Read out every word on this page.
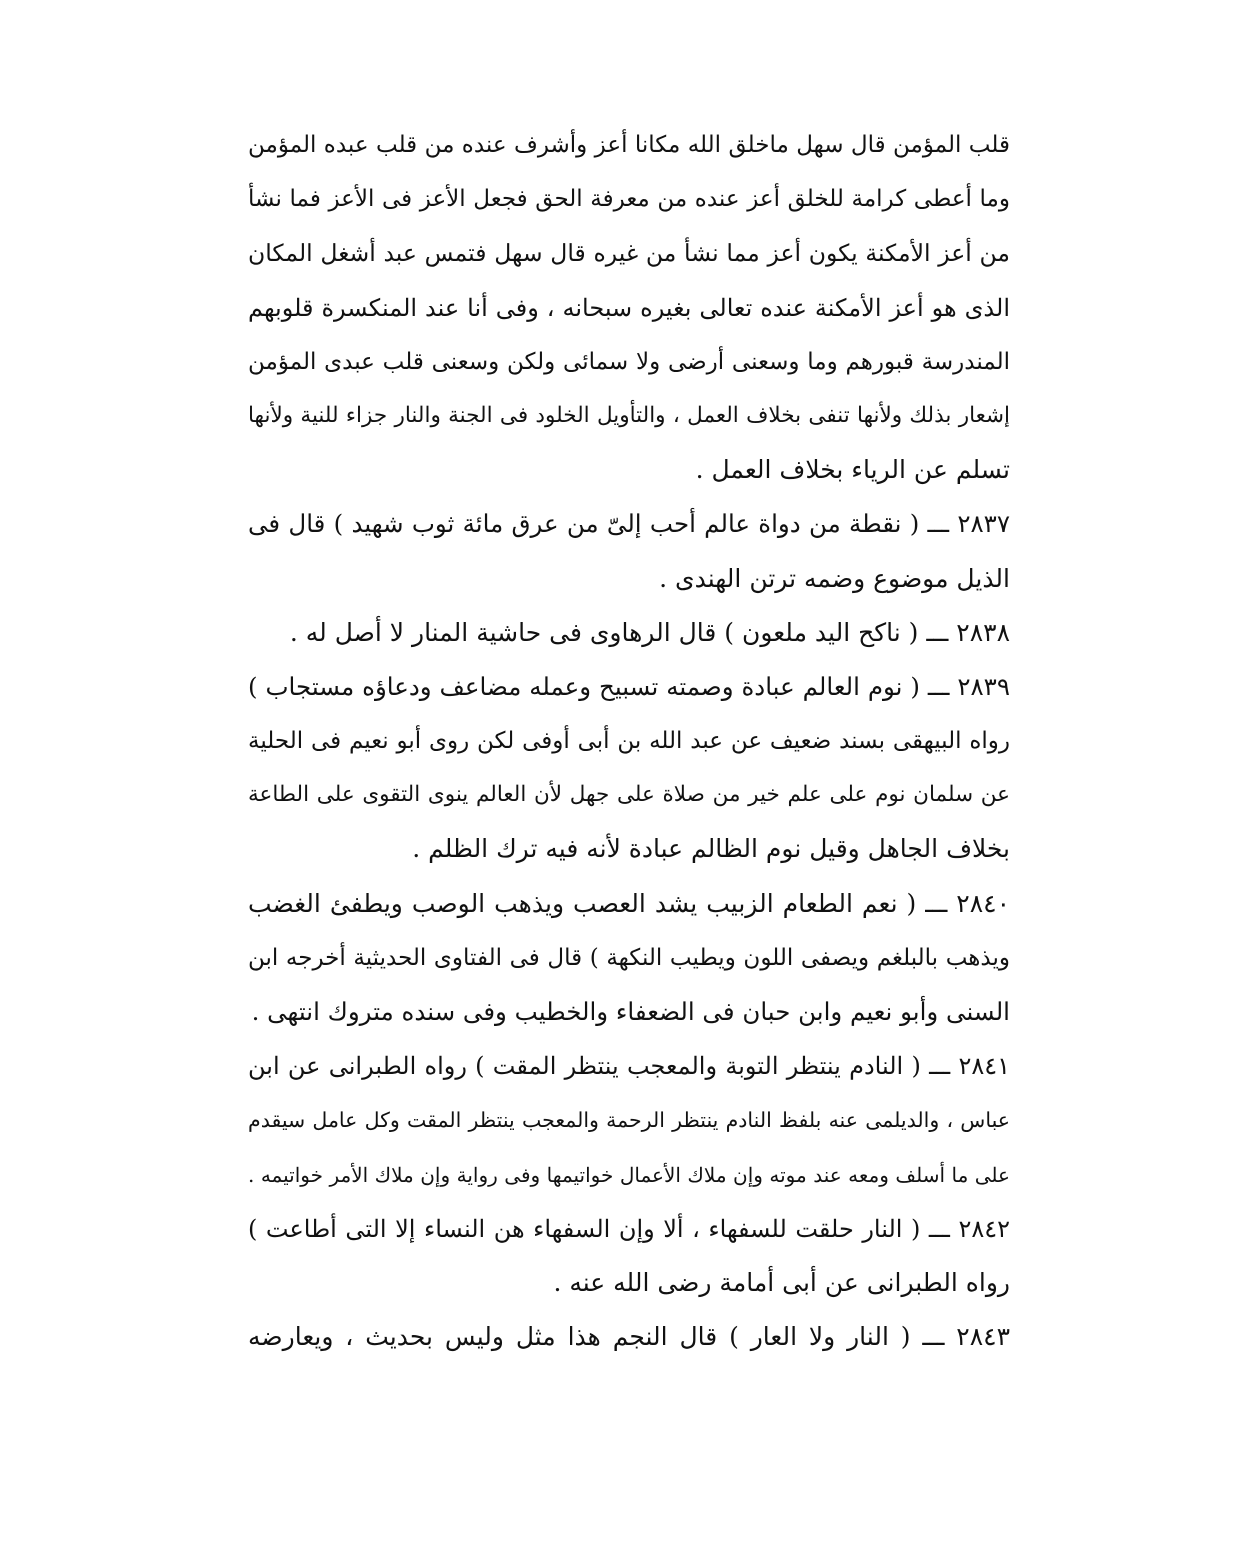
قلب المؤمن قال سهل ماخلق الله مكانا أعز وأشرف عنده من قلب عبده المؤمن
وما أعطى كرامة للخلق أعز عنده من معرفة الحق فجعل الأعز فى الأعز فما نشأ
من أعز الأمكنة يكون أعز مما نشأ من غيره قال سهل فتمس عبد أشغل المكان
الذى هو أعز الأمكنة عنده تعالى بغيره سبحانه ، وفى أنا عند المنكسرة قلوبهم
المندرسة قبورهم وما وسعنى أرضى ولا سمائى ولكن وسعنى قلب عبدى المؤمن
إشعار بذلك ولأنها تنفى بخلاف العمل ، والتأويل الخلود فى الجنة والنار جزاء للنية ولأنها
تسلم عن الرياء بخلاف العمل .
٢٨٣٧ ـــ ( نقطة من دواة عالم أحب إلىّ من عرق مائة ثوب شهيد ) قال فى
الذيل موضوع وضمه ترتن الهندى .
٢٨٣٨ ـــ ( ناكح اليد ملعون ) قال الرهاوى فى حاشية المنار لا أصل له .
٢٨٣٩ ـــ ( نوم العالم عبادة وصمته تسبيح وعمله مضاعف ودعاؤه مستجاب )
رواه البيهقى بسند ضعيف عن عبد الله بن أبى أوفى لكن روى أبو نعيم فى الحلية
عن سلمان نوم على علم خير من صلاة على جهل لأن العالم ينوى التقوى على الطاعة
بخلاف الجاهل وقيل نوم الظالم عبادة لأنه فيه ترك الظلم .
٢٨٤٠ ـــ ( نعم الطعام الزبيب يشد العصب ويذهب الوصب ويطفئ الغضب
ويذهب بالبلغم ويصفى اللون ويطيب النكهة ) قال فى الفتاوى الحديثية أخرجه ابن
السنى وأبو نعيم وابن حبان فى الضعفاء والخطيب وفى سنده متروك انتهى .
٢٨٤١ ـــ ( النادم ينتظر التوبة والمعجب ينتظر المقت ) رواه الطبرانى عن ابن
عباس ، والديلمى عنه بلفظ النادم ينتظر الرحمة والمعجب ينتظر المقت وكل عامل سيقدم
على ما أسلف ومعه عند موته وإن ملاك الأعمال خواتيمها وفى رواية وإن ملاك الأمر خواتيمه .
٢٨٤٢ ـــ ( النار حلقت للسفهاء ، ألا وإن السفهاء هن النساء إلا التى أطاعت )
رواه الطبرانى عن أبى أمامة رضى الله عنه .
٢٨٤٣ ـــ ( النار ولا العار ) قال النجم هذا مثل وليس بحديث ، ويعارضه
